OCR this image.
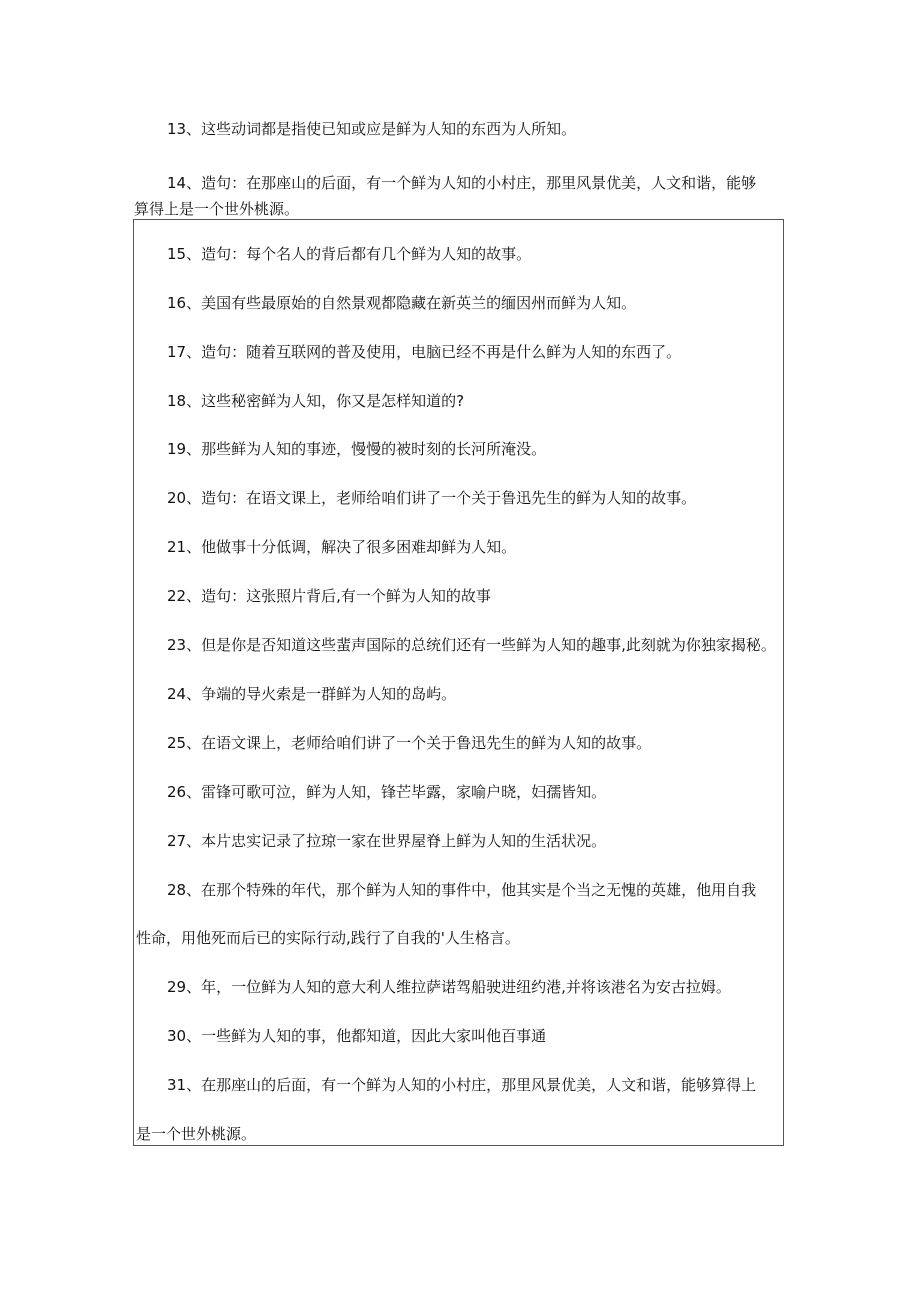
13、这些动词都是指使已知或应是鲜为人知的东西为人所知。

14、造句：在那座山的后面，有一个鲜为人知的小村庄，那里风景优美，人文和谐，能够

算得上是一个世外桃源。

15、造句：每个名人的背后都有几个鲜为人知的故事。

16、美国有些最原始的自然景观都隐藏在新英兰的缅因州而鲜为人知。

17、造句：随着互联网的普及使用，电脑已经不再是什么鲜为人知的东西了。

18、这些秘密鲜为人知，你又是怎样知道的?

19、那些鲜为人知的事迹，慢慢的被时刻的长河所淹没。

20、造句：在语文课上，老师给咱们讲了一个关于鲁迅先生的鲜为人知的故事。

21、他做事十分低调，解决了很多困难却鲜为人知。

22、造句：这张照片背后,有一个鲜为人知的故事

23、但是你是否知道这些蜚声国际的总统们还有一些鲜为人知的趣事,此刻就为你独家揭秘。

24、争端的导火索是一群鲜为人知的岛屿。

25、在语文课上，老师给咱们讲了一个关于鲁迅先生的鲜为人知的故事。

26、雷锋可歌可泣，鲜为人知，锋芒毕露，家喻户晓，妇孺皆知。

27、本片忠实记录了拉琼一家在世界屋脊上鲜为人知的生活状况。

28、在那个特殊的年代，那个鲜为人知的事件中，他其实是个当之无愧的英雄，他用自我

性命，用他死而后已的实际行动,践行了自我的'人生格言。

29、年，一位鲜为人知的意大利人维拉萨诺驾船驶进纽约港,并将该港名为安古拉姆。

30、一些鲜为人知的事，他都知道，因此大家叫他百事通

31、在那座山的后面，有一个鲜为人知的小村庄，那里风景优美，人文和谐，能够算得上

是一个世外桃源。
